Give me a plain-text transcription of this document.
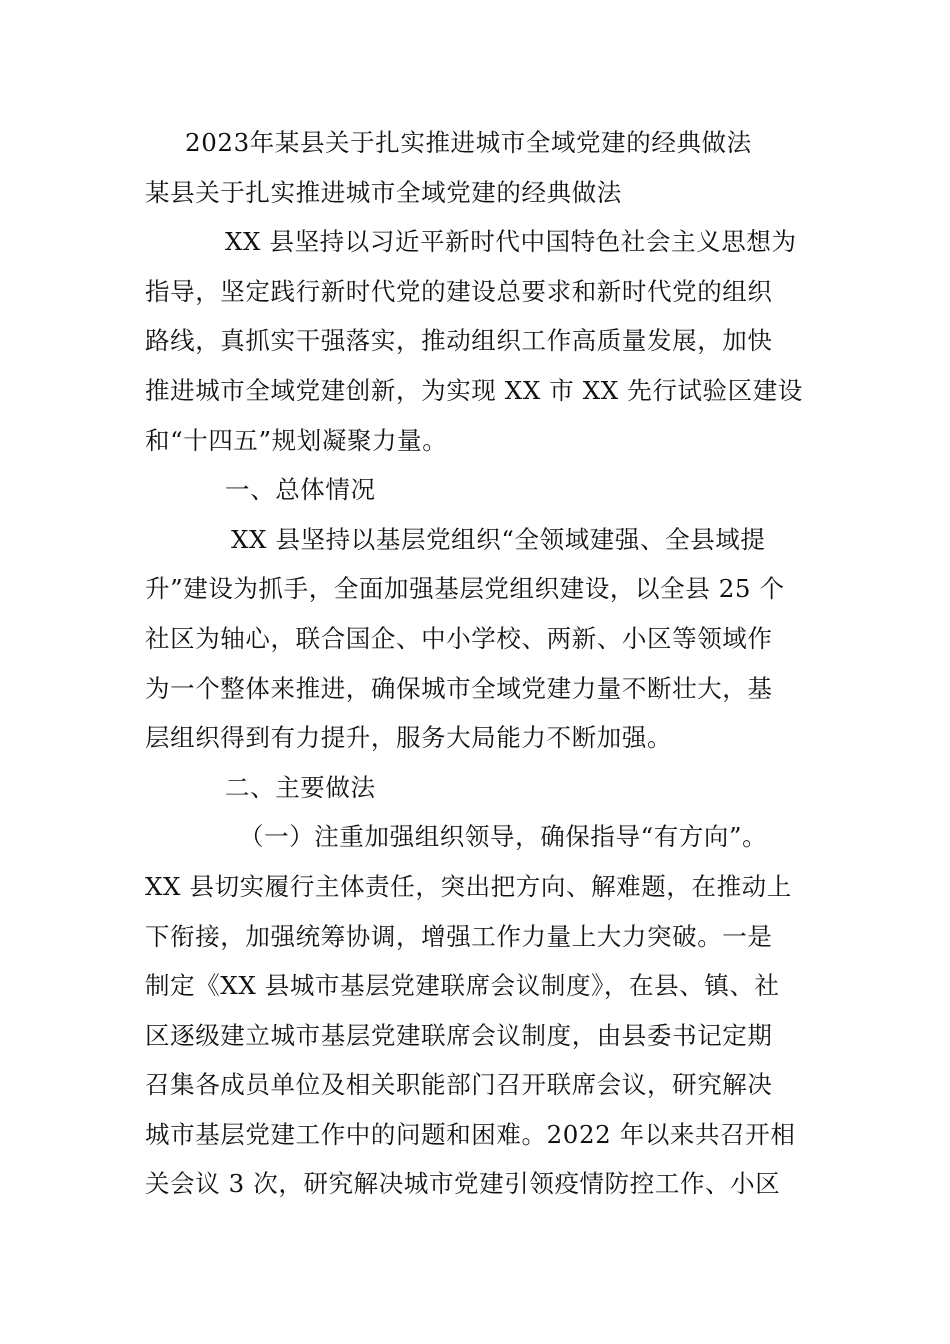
2023年某县关于扎实推进城市全域党建的经典做法
某县关于扎实推进城市全域党建的经典做法
XX 县坚持以习近平新时代中国特色社会主义思想为
指导，坚定践行新时代党的建设总要求和新时代党的组织
路线，真抓实干强落实，推动组织工作高质量发展，加快
推进城市全域党建创新，为实现 XX 市 XX 先行试验区建设
和“十四五”规划凝聚力量。
一、总体情况
XX 县坚持以基层党组织“全领域建强、全县域提
升”建设为抓手，全面加强基层党组织建设，以全县 25 个
社区为轴心，联合国企、中小学校、两新、小区等领域作
为一个整体来推进，确保城市全域党建力量不断壮大，基
层组织得到有力提升，服务大局能力不断加强。
二、主要做法
（一）注重加强组织领导，确保指导“有方向”。
XX 县切实履行主体责任，突出把方向、解难题，在推动上
下衔接，加强统筹协调，增强工作力量上大力突破。一是
制定《XX 县城市基层党建联席会议制度》，在县、镇、社
区逐级建立城市基层党建联席会议制度，由县委书记定期
召集各成员单位及相关职能部门召开联席会议，研究解决
城市基层党建工作中的问题和困难。2022 年以来共召开相
关会议 3 次，研究解决城市党建引领疫情防控工作、小区
